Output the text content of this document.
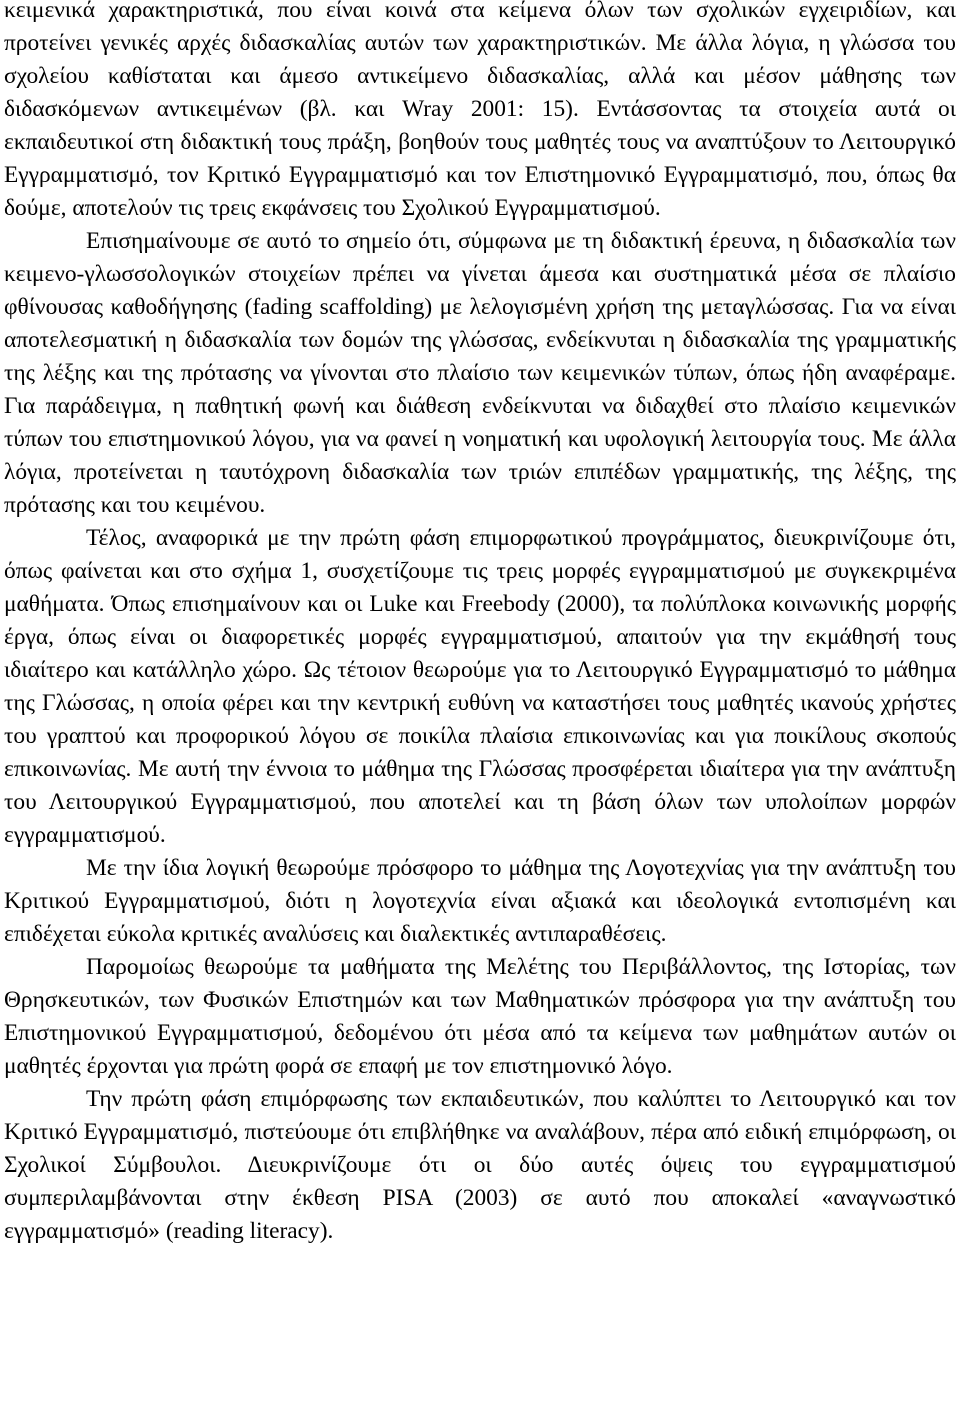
κειμενικά χαρακτηριστικά, που είναι κοινά στα κείμενα όλων των σχολικών εγχειριδίων, και προτείνει γενικές αρχές διδασκαλίας αυτών των χαρακτηριστικών. Με άλλα λόγια, η γλώσσα του σχολείου καθίσταται και άμεσο αντικείμενο διδασκαλίας, αλλά και μέσον μάθησης των διδασκόμενων αντικειμένων (βλ. και Wray 2001: 15). Εντάσσοντας τα στοιχεία αυτά οι εκπαιδευτικοί στη διδακτική τους πράξη, βοηθούν τους μαθητές τους να αναπτύξουν το Λειτουργικό Εγγραμματισμό, τον Κριτικό Εγγραμματισμό και τον Επιστημονικό Εγγραμματισμό, που, όπως θα δούμε, αποτελούν τις τρεις εκφάνσεις του Σχολικού Εγγραμματισμού.

Επισημαίνουμε σε αυτό το σημείο ότι, σύμφωνα με τη διδακτική έρευνα, η διδασκαλία των κειμενο-γλωσσολογικών στοιχείων πρέπει να γίνεται άμεσα και συστηματικά μέσα σε πλαίσιο φθίνουσας καθοδήγησης (fading scaffolding) με λελογισμένη χρήση της μεταγλώσσας. Για να είναι αποτελεσματική η διδασκαλία των δομών της γλώσσας, ενδείκνυται η διδασκαλία της γραμματικής της λέξης και της πρότασης να γίνονται στο πλαίσιο των κειμενικών τύπων, όπως ήδη αναφέραμε. Για παράδειγμα, η παθητική φωνή και διάθεση ενδείκνυται να διδαχθεί στο πλαίσιο κειμενικών τύπων του επιστημονικού λόγου, για να φανεί η νοηματική και υφολογική λειτουργία τους. Με άλλα λόγια, προτείνεται η ταυτόχρονη διδασκαλία των τριών επιπέδων γραμματικής, της λέξης, της πρότασης και του κειμένου.

Τέλος, αναφορικά με την πρώτη φάση επιμορφωτικού προγράμματος, διευκρινίζουμε ότι, όπως φαίνεται και στο σχήμα 1, συσχετίζουμε τις τρεις μορφές εγγραμματισμού με συγκεκριμένα μαθήματα. Όπως επισημαίνουν και οι Luke και Freebody (2000), τα πολύπλοκα κοινωνικής μορφής έργα, όπως είναι οι διαφορετικές μορφές εγγραμματισμού, απαιτούν για την εκμάθησή τους ιδιαίτερο και κατάλληλο χώρο. Ως τέτοιον θεωρούμε για το Λειτουργικό Εγγραμματισμό το μάθημα της Γλώσσας, η οποία φέρει και την κεντρική ευθύνη να καταστήσει τους μαθητές ικανούς χρήστες του γραπτού και προφορικού λόγου σε ποικίλα πλαίσια επικοινωνίας και για ποικίλους σκοπούς επικοινωνίας. Με αυτή την έννοια το μάθημα της Γλώσσας προσφέρεται ιδιαίτερα για την ανάπτυξη του Λειτουργικού Εγγραμματισμού, που αποτελεί και τη βάση όλων των υπολοίπων μορφών εγγραμματισμού.

Με την ίδια λογική θεωρούμε πρόσφορο το μάθημα της Λογοτεχνίας για την ανάπτυξη του Κριτικού Εγγραμματισμού, διότι η λογοτεχνία είναι αξιακά και ιδεολογικά εντοπισμένη και επιδέχεται εύκολα κριτικές αναλύσεις και διαλεκτικές αντιπαραθέσεις.

Παρομοίως θεωρούμε τα μαθήματα της Μελέτης του Περιβάλλοντος, της Ιστορίας, των Θρησκευτικών, των Φυσικών Επιστημών και των Μαθηματικών πρόσφορα για την ανάπτυξη του Επιστημονικού Εγγραμματισμού, δεδομένου ότι μέσα από τα κείμενα των μαθημάτων αυτών οι μαθητές έρχονται για πρώτη φορά σε επαφή με τον επιστημονικό λόγο.

Την πρώτη φάση επιμόρφωσης των εκπαιδευτικών, που καλύπτει το Λειτουργικό και τον Κριτικό Εγγραμματισμό, πιστεύουμε ότι επιβλήθηκε να αναλάβουν, πέρα από ειδική επιμόρφωση, οι Σχολικοί Σύμβουλοι. Διευκρινίζουμε ότι οι δύο αυτές όψεις του εγγραμματισμού συμπεριλαμβάνονται στην έκθεση PISA (2003) σε αυτό που αποκαλεί «αναγνωστικό εγγραμματισμό» (reading literacy).
